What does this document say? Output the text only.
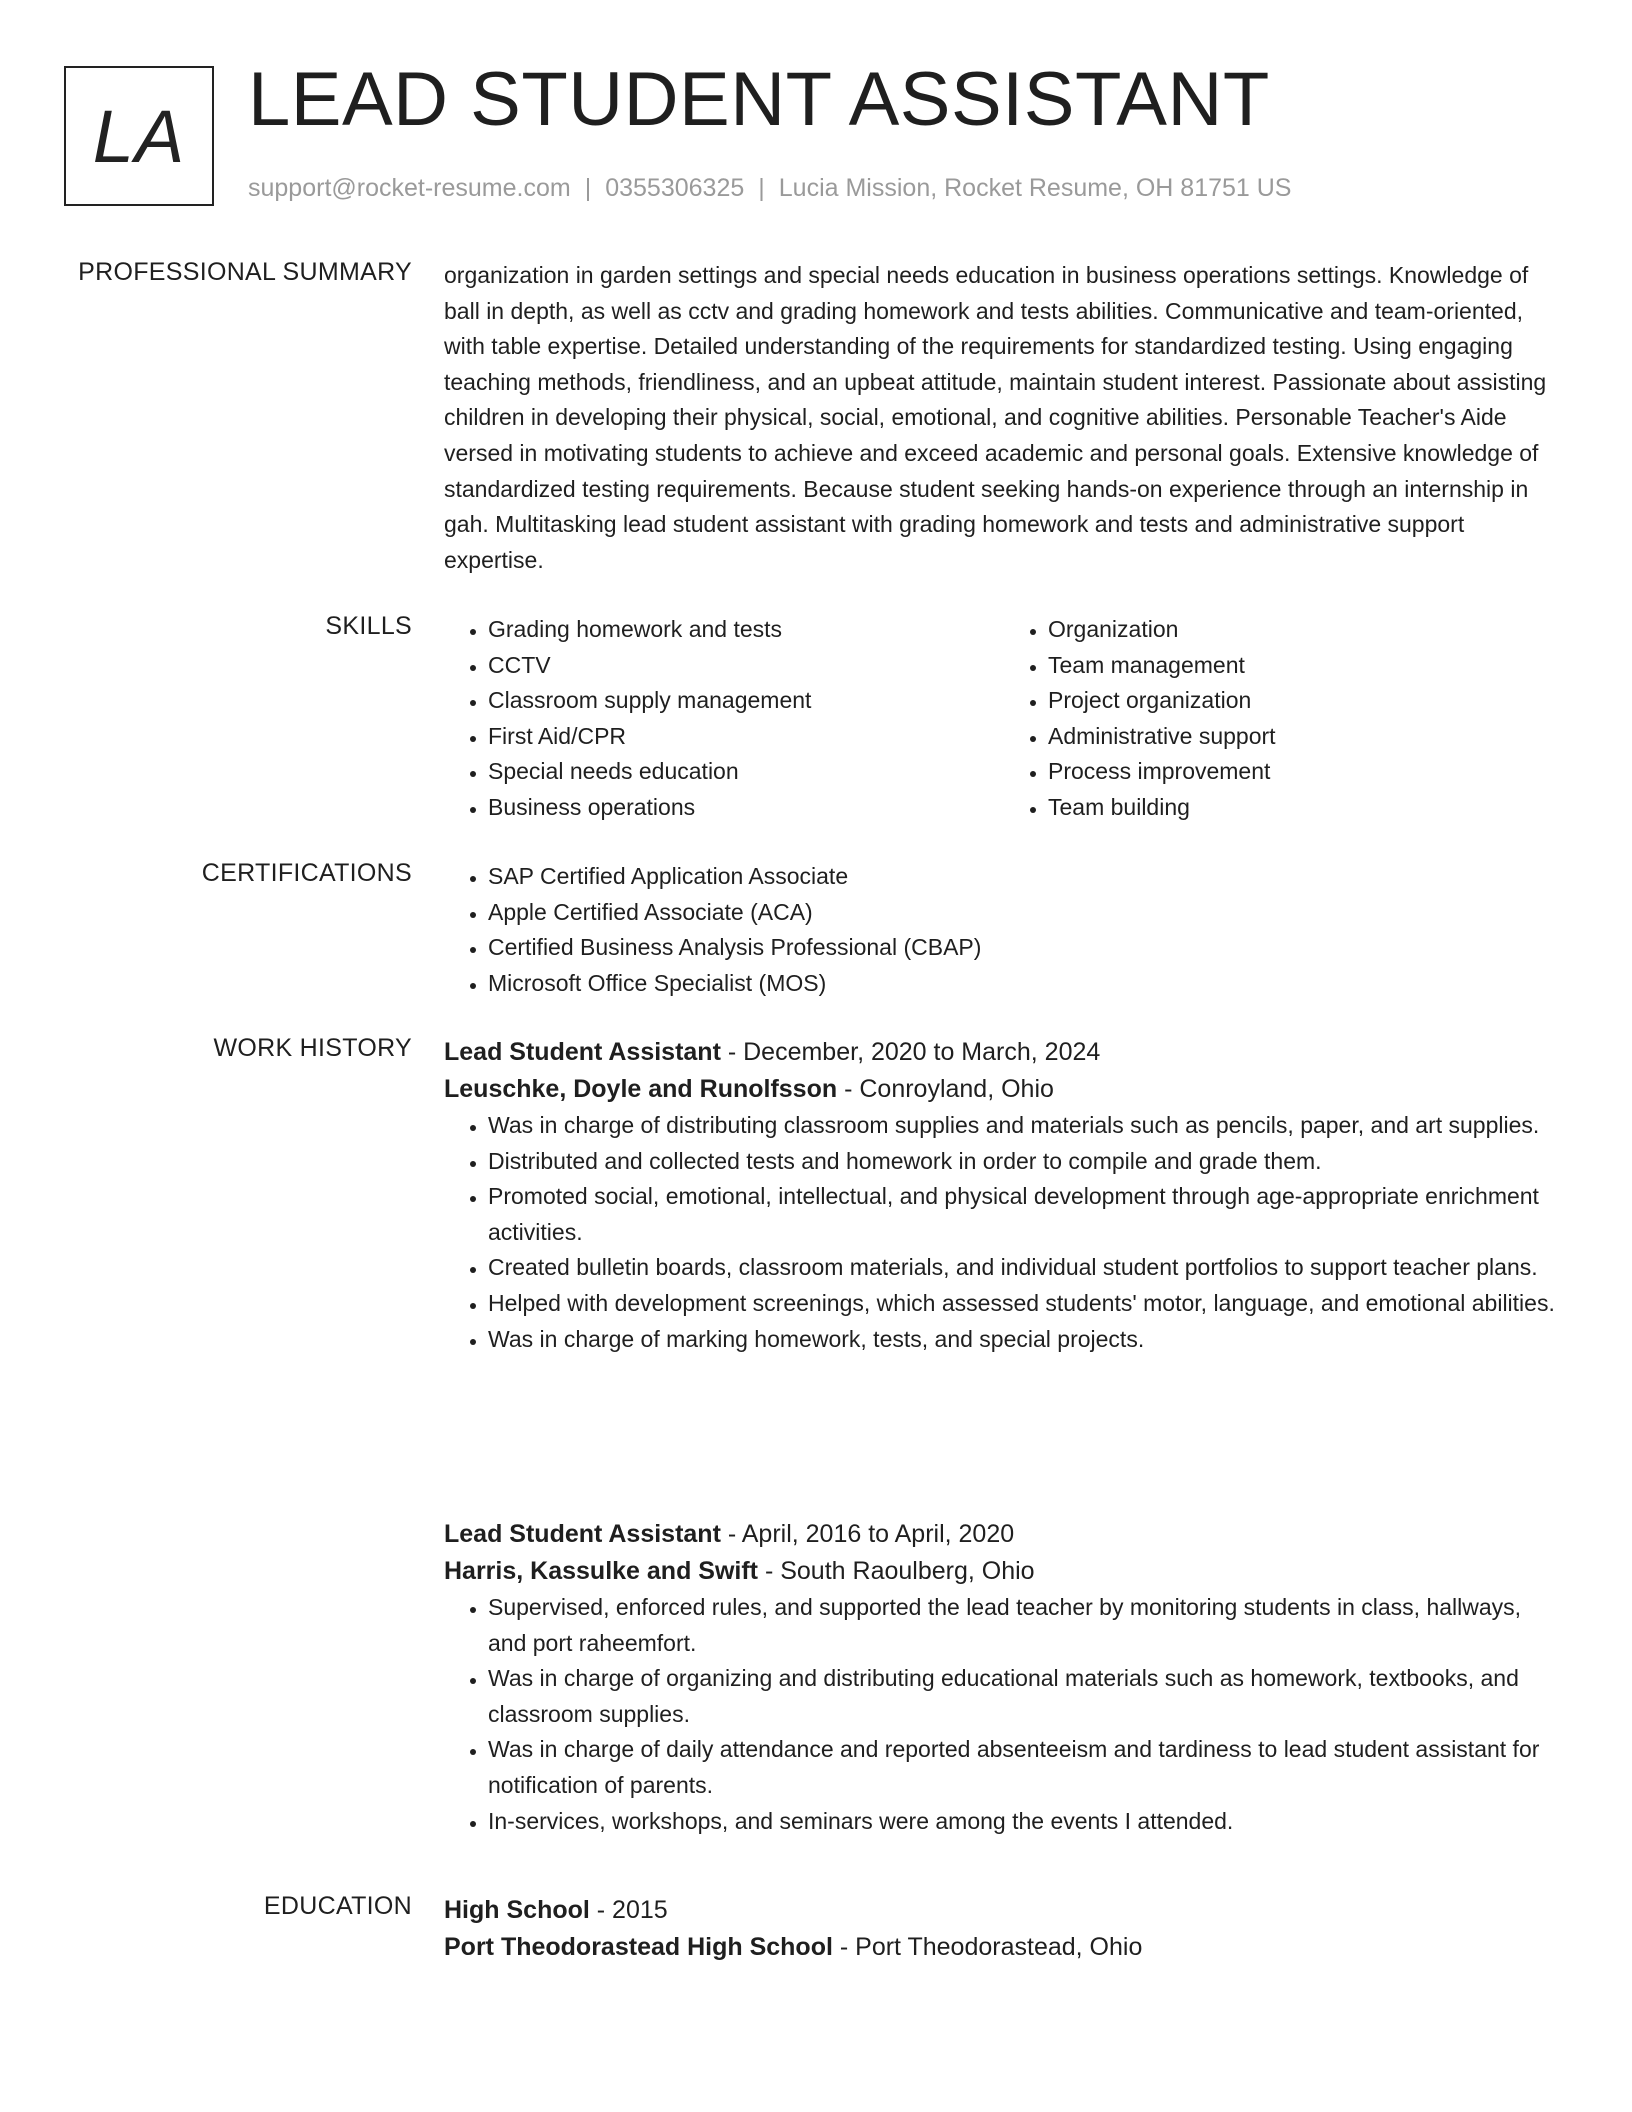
LA LEAD STUDENT ASSISTANT
support@rocket-resume.com | 0355306325 | Lucia Mission, Rocket Resume, OH 81751 US
PROFESSIONAL SUMMARY organization in garden settings and special needs education in business operations settings. Knowledge of ball in depth, as well as cctv and grading homework and tests abilities. Communicative and team-oriented, with table expertise. Detailed understanding of the requirements for standardized testing. Using engaging teaching methods, friendliness, and an upbeat attitude, maintain student interest. Passionate about assisting children in developing their physical, social, emotional, and cognitive abilities. Personable Teacher's Aide versed in motivating students to achieve and exceed academic and personal goals. Extensive knowledge of standardized testing requirements. Because student seeking hands-on experience through an internship in gah. Multitasking lead student assistant with grading homework and tests and administrative support expertise.

SKILLS	• Grading homework and tests
• CCTV
• Classroom supply management
• First Aid/CPR
• Special needs education
• Business operations
• Organization
• Team management
• Project organization
• Administrative support
• Process improvement
• Team building
CERTIFICATIONS	• SAP Certified Application Associate
• Apple Certified Associate (ACA)
• Certified Business Analysis Professional (CBAP)
• Microsoft Office Specialist (MOS)
WORK HISTORY Lead Student Assistant - December, 2020 to March, 2024
Leuschke, Doyle and Runolfsson - Conroyland, Ohio
• Was in charge of distributing classroom supplies and materials such as pencils, paper, and art supplies.
• Distributed and collected tests and homework in order to compile and grade them.
• Promoted social, emotional, intellectual, and physical development through age-appropriate enrichment activities.
• Created bulletin boards, classroom materials, and individual student portfolios to support teacher plans.
• Helped with development screenings, which assessed students' motor, language, and emotional abilities.
• Was in charge of marking homework, tests, and special projects.
Lead Student Assistant - April, 2016 to April, 2020
Harris, Kassulke and Swift - South Raoulberg, Ohio
• Supervised, enforced rules, and supported the lead teacher by monitoring students in class, hallways, and port raheemfort.
• Was in charge of organizing and distributing educational materials such as homework, textbooks, and classroom supplies.
• Was in charge of daily attendance and reported absenteeism and tardiness to lead student assistant for notification of parents.
• In-services, workshops, and seminars were among the events I attended.
EDUCATION High School - 2015
Port Theodorastead High School - Port Theodorastead, Ohio
